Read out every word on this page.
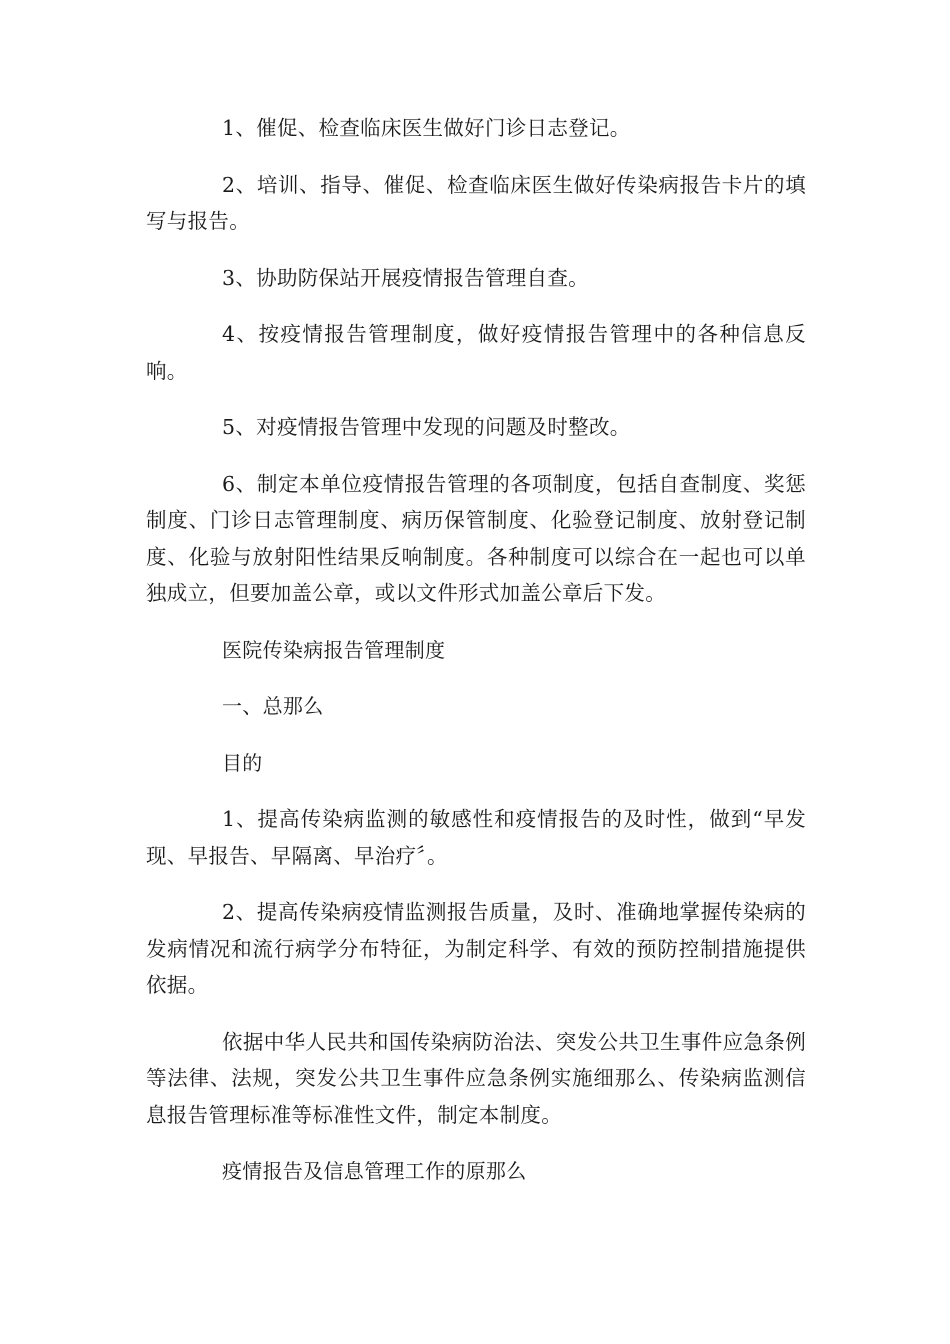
1、催促、检查临床医生做好门诊日志登记。

2、培训、指导、催促、检查临床医生做好传染病报告卡片的填写与报告。

3、协助防保站开展疫情报告管理自查。

4、按疫情报告管理制度，做好疫情报告管理中的各种信息反响。

5、对疫情报告管理中发现的问题及时整改。

6、制定本单位疫情报告管理的各项制度，包括自查制度、奖惩制度、门诊日志管理制度、病历保管制度、化验登记制度、放射登记制度、化验与放射阳性结果反响制度。各种制度可以综合在一起也可以单独成立，但要加盖公章，或以文件形式加盖公章后下发。

医院传染病报告管理制度

一、总那么

目的

1、提高传染病监测的敏感性和疫情报告的及时性，做到“早发现、早报告、早隔离、早治疗〞。

2、提高传染病疫情监测报告质量，及时、准确地掌握传染病的发病情况和流行病学分布特征，为制定科学、有效的预防控制措施提供依据。

依据中华人民共和国传染病防治法、突发公共卫生事件应急条例等法律、法规，突发公共卫生事件应急条例实施细那么、传染病监测信息报告管理标准等标准性文件，制定本制度。

疫情报告及信息管理工作的原那么
